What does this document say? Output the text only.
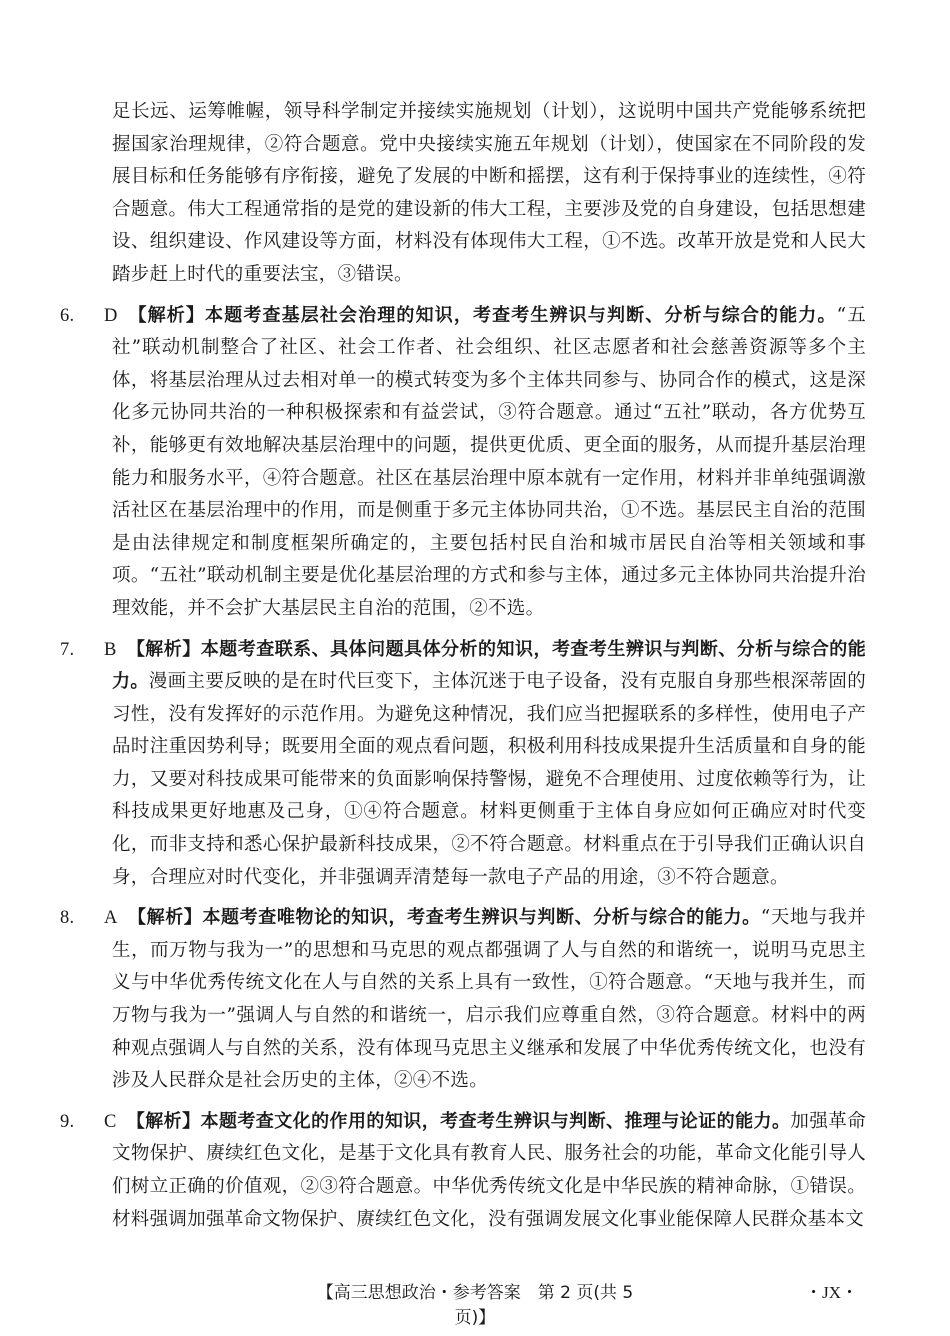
足长远、运筹帷幄，领导科学制定并接续实施规划（计划），这说明中国共产党能够系统把握国家治理规律，②符合题意。党中央接续实施五年规划（计划），使国家在不同阶段的发展目标和任务能够有序衔接，避免了发展的中断和摇摆，这有利于保持事业的连续性，④符合题意。伟大工程通常指的是党的建设新的伟大工程，主要涉及党的自身建设，包括思想建设、组织建设、作风建设等方面，材料没有体现伟大工程，①不选。改革开放是党和人民大踏步赶上时代的重要法宝，③错误。

6. D 【解析】本题考查基层社会治理的知识，考查考生辨识与判断、分析与综合的能力。“五社”联动机制整合了社区、社会工作者、社会组织、社区志愿者和社会慈善资源等多个主体，将基层治理从过去相对单一的模式转变为多个主体共同参与、协同合作的模式，这是深化多元协同共治的一种积极探索和有益尝试，③符合题意。通过“五社”联动，各方优势互补，能够更有效地解决基层治理中的问题，提供更优质、更全面的服务，从而提升基层治理能力和服务水平，④符合题意。社区在基层治理中原本就有一定作用，材料并非单纯强调激活社区在基层治理中的作用，而是侧重于多元主体协同共治，①不选。基层民主自治的范围是由法律规定和制度框架所确定的，主要包括村民自治和城市居民自治等相关领域和事项。“五社”联动机制主要是优化基层治理的方式和参与主体，通过多元主体协同共治提升治理效能，并不会扩大基层民主自治的范围，②不选。

7. B 【解析】本题考查联系、具体问题具体分析的知识，考查考生辨识与判断、分析与综合的能力。漫画主要反映的是在时代巨变下，主体沉迷于电子设备，没有克服自身那些根深蒂固的习性，没有发挥好的示范作用。为避免这种情况，我们应当把握联系的多样性，使用电子产品时注重因势利导；既要用全面的观点看问题，积极利用科技成果提升生活质量和自身的能力，又要对科技成果可能带来的负面影响保持警惕，避免不合理使用、过度依赖等行为，让科技成果更好地惠及己身，①④符合题意。材料更侧重于主体自身应如何正确应对时代变化，而非支持和悉心保护最新科技成果，②不符合题意。材料重点在于引导我们正确认识自身，合理应对时代变化，并非强调弄清楚每一款电子产品的用途，③不符合题意。

8. A 【解析】本题考查唯物论的知识，考查考生辨识与判断、分析与综合的能力。“天地与我并生，而万物与我为一”的思想和马克思的观点都强调了人与自然的和谐统一，说明马克思主义与中华优秀传统文化在人与自然的关系上具有一致性，①符合题意。“天地与我并生，而万物与我为一”强调人与自然的和谐统一，启示我们应尊重自然，③符合题意。材料中的两种观点强调人与自然的关系，没有体现马克思主义继承和发展了中华优秀传统文化，也没有涉及人民群众是社会历史的主体，②④不选。

9. C 【解析】本题考查文化的作用的知识，考查考生辨识与判断、推理与论证的能力。加强革命文物保护、赓续红色文化，是基于文化具有教育人民、服务社会的功能，革命文化能引导人们树立正确的价值观，②③符合题意。中华优秀传统文化是中华民族的精神命脉，①错误。材料强调加强革命文物保护、赓续红色文化，没有强调发展文化事业能保障人民群众基本文

【高三思想政治・参考答案　第 2 页(共 5 页)】
・JX・
